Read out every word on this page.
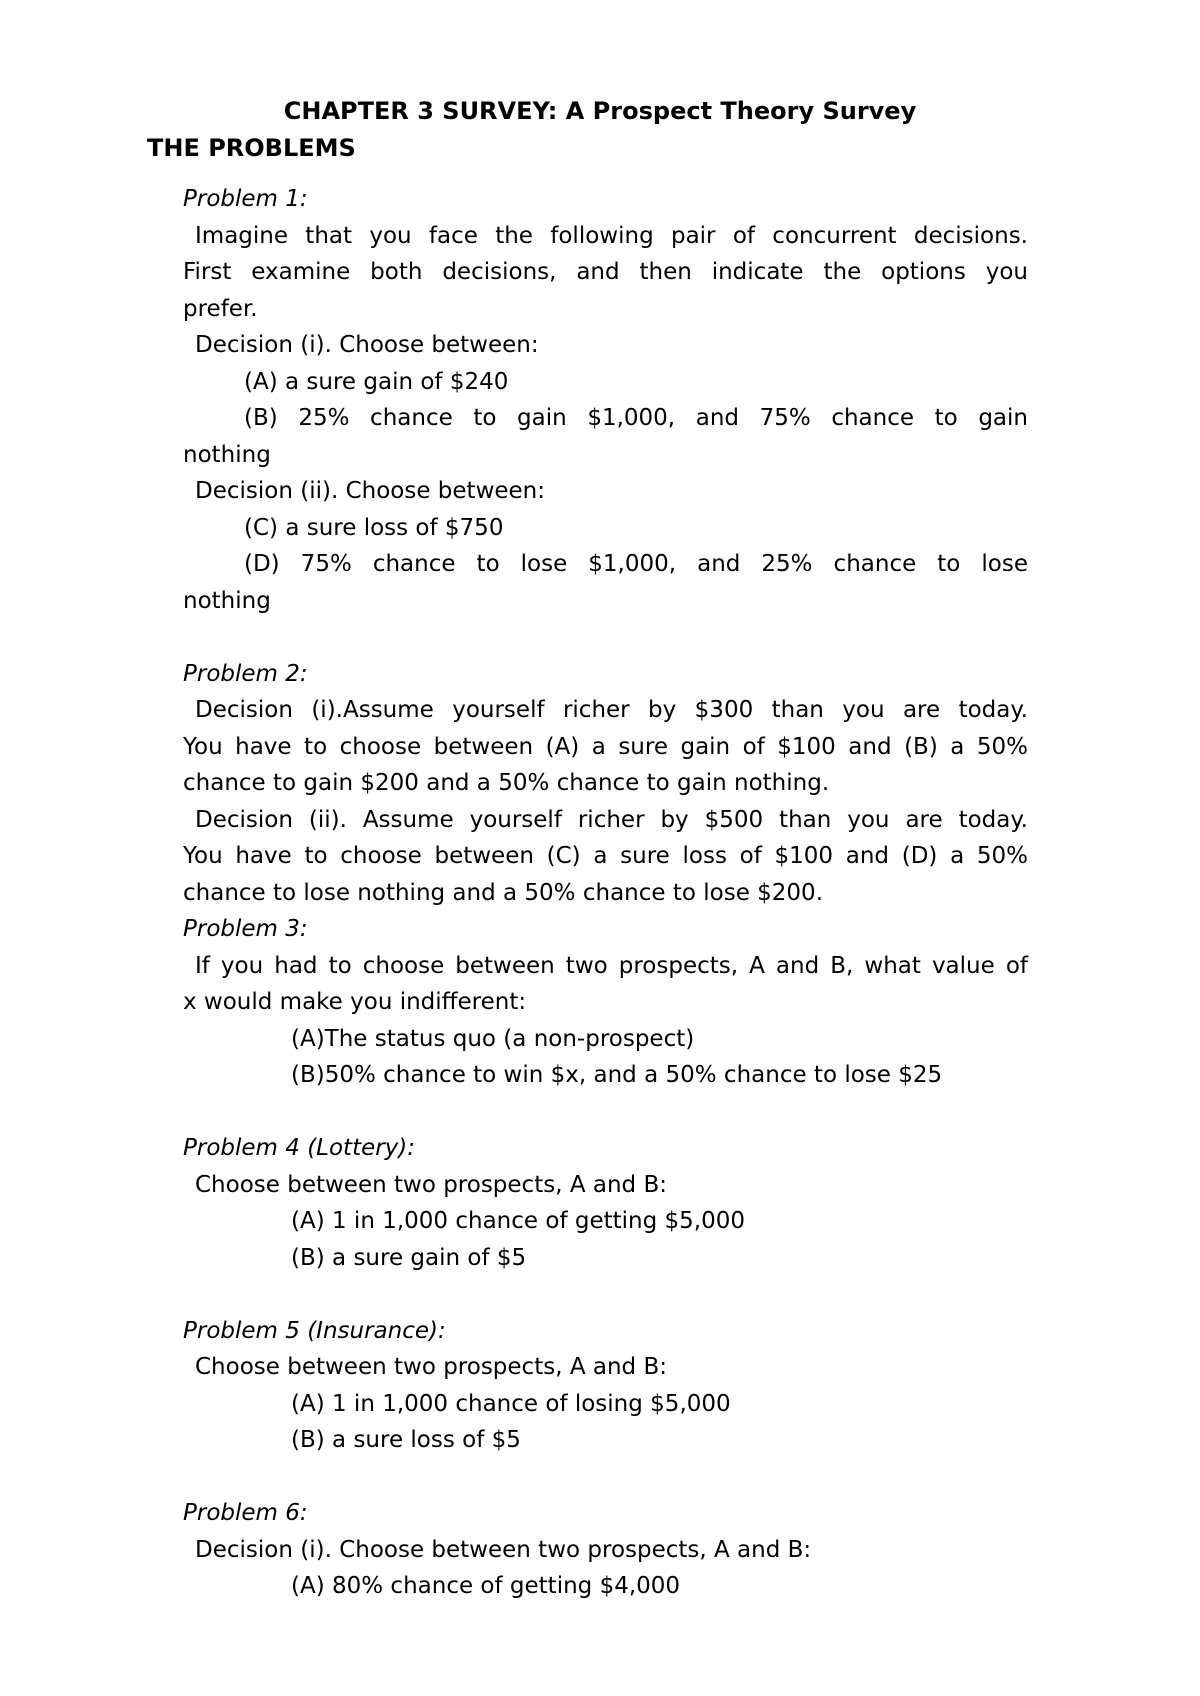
CHAPTER 3 SURVEY: A Prospect Theory Survey
THE PROBLEMS
Problem 1:
Imagine that you face the following pair of concurrent decisions.
First examine both decisions, and then indicate the options you
prefer.
Decision (i). Choose between:
(A) a sure gain of $240
(B) 25% chance to gain $1,000, and 75% chance to gain
nothing
Decision (ii). Choose between:
(C) a sure loss of $750
(D) 75% chance to lose $1,000, and 25% chance to lose
nothing
Problem 2:
Decision (i).Assume yourself richer by $300 than you are today.
You have to choose between (A) a sure gain of $100 and (B) a 50%
chance to gain $200 and a 50% chance to gain nothing.
Decision (ii). Assume yourself richer by $500 than you are today.
You have to choose between (C) a sure loss of $100 and (D) a 50%
chance to lose nothing and a 50% chance to lose $200.
Problem 3:
If you had to choose between two prospects, A and B, what value of
x would make you indifferent:
(A)The status quo (a non-prospect)
(B)50% chance to win $x, and a 50% chance to lose $25
Problem 4 (Lottery):
Choose between two prospects, A and B:
(A) 1 in 1,000 chance of getting $5,000
(B) a sure gain of $5
Problem 5 (Insurance):
Choose between two prospects, A and B:
(A) 1 in 1,000 chance of losing $5,000
(B) a sure loss of $5
Problem 6:
Decision (i). Choose between two prospects, A and B:
(A) 80% chance of getting $4,000
